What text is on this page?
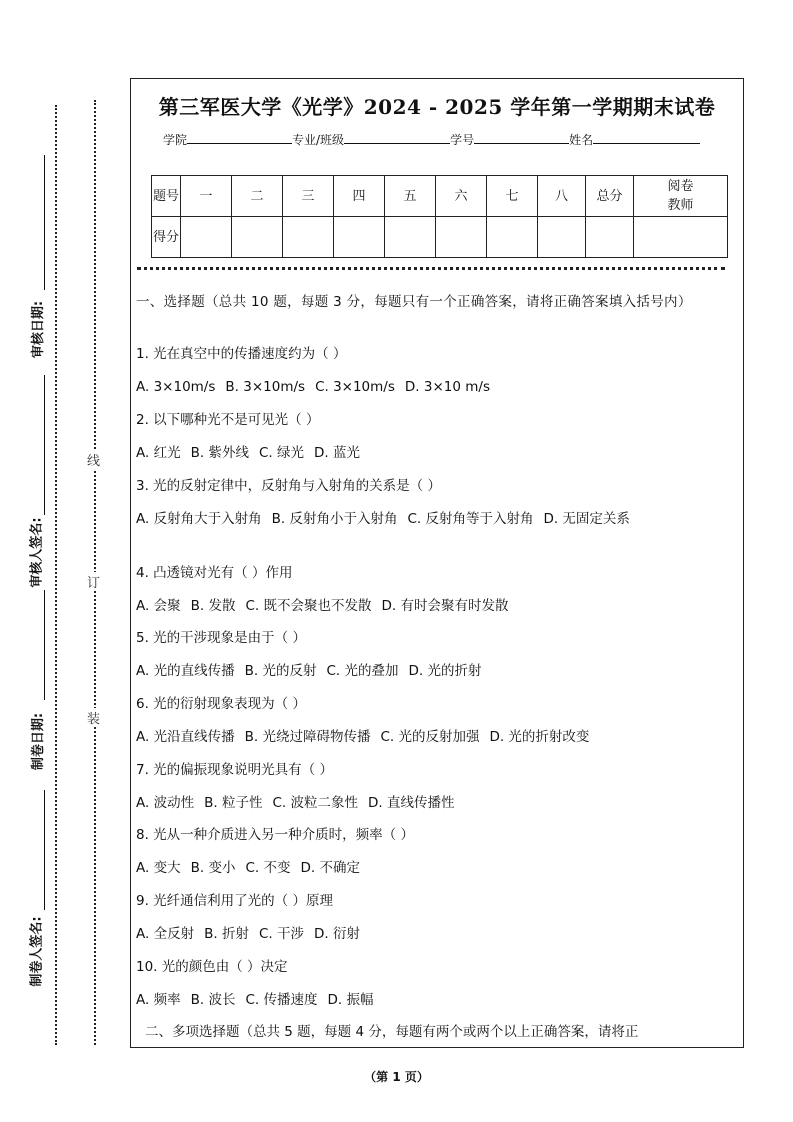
审核日期:
审核人签名:
制卷日期:
制卷人签名:
线
订
装
第三军医大学《光学》2024 - 2025 学年第一学期期末试卷
学院	专业/班级	学号	姓名
题号	一	二	三	四	五	六	七	八	总分	阅卷教师
得分										
一、选择题（总共 10 题，每题 3 分，每题只有一个正确答案，请将正确答案填入括号内）
1. 光在真空中的传播速度约为（ ）
A. 3×10m/s B. 3×10m/s C. 3×10m/s D. 3×10 m/s
2. 以下哪种光不是可见光（ ）
A. 红光 B. 紫外线 C. 绿光 D. 蓝光
3. 光的反射定律中，反射角与入射角的关系是（ ）
A. 反射角大于入射角 B. 反射角小于入射角 C. 反射角等于入射角 D. 无固定关系
4. 凸透镜对光有（ ）作用
A. 会聚 B. 发散 C. 既不会聚也不发散 D. 有时会聚有时发散
5. 光的干涉现象是由于（ ）
A. 光的直线传播 B. 光的反射 C. 光的叠加 D. 光的折射
6. 光的衍射现象表现为（ ）
A. 光沿直线传播 B. 光绕过障碍物传播 C. 光的反射加强 D. 光的折射改变
7. 光的偏振现象说明光具有（ ）
A. 波动性 B. 粒子性 C. 波粒二象性 D. 直线传播性
8. 光从一种介质进入另一种介质时，频率（ ）
A. 变大 B. 变小 C. 不变 D. 不确定
9. 光纤通信利用了光的（ ）原理
A. 全反射 B. 折射 C. 干涉 D. 衍射
10. 光的颜色由（ ）决定
A. 频率 B. 波长 C. 传播速度 D. 振幅
二、多项选择题（总共 5 题，每题 4 分，每题有两个或两个以上正确答案，请将正
（第 1 页）
